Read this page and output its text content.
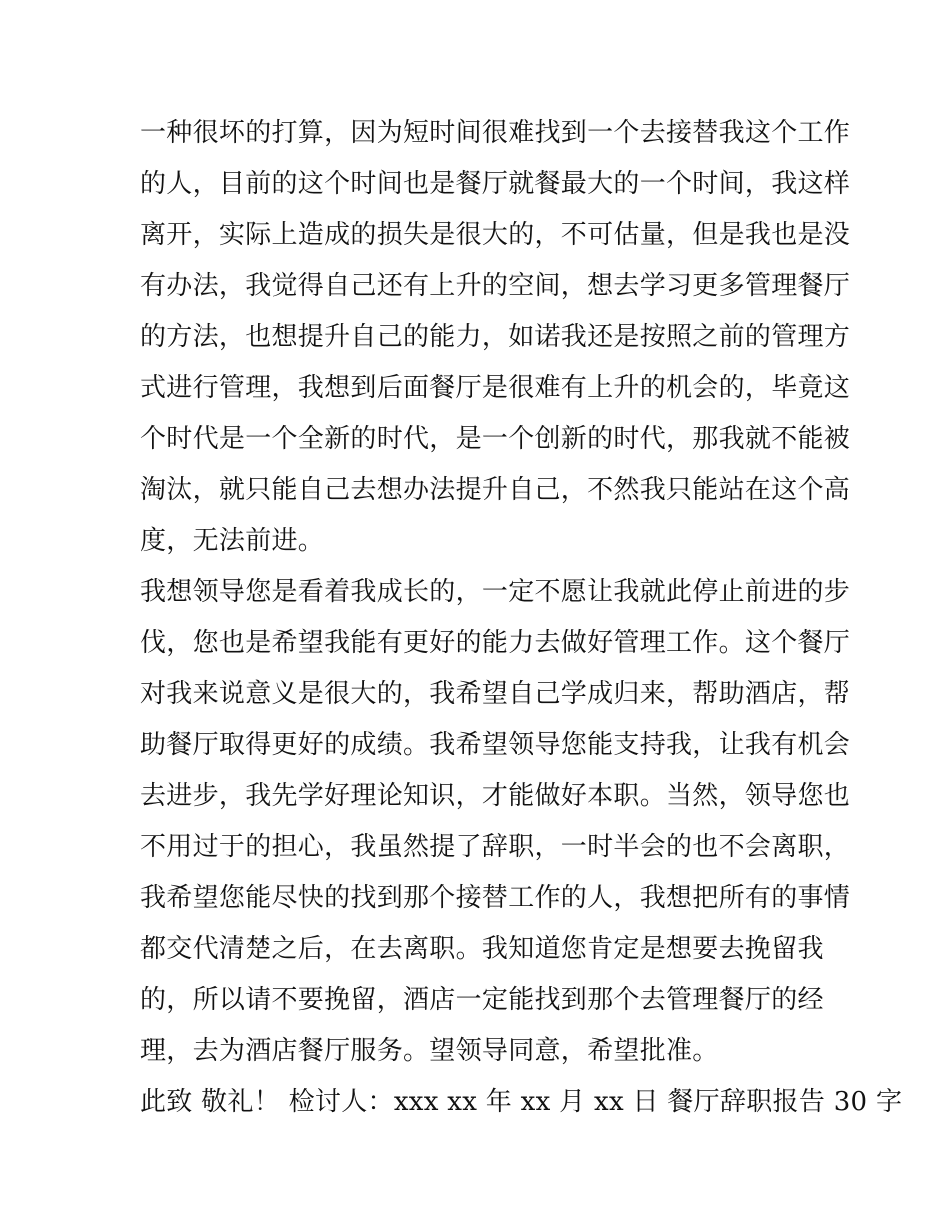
一种很坏的打算，因为短时间很难找到一个去接替我这个工作
的人，目前的这个时间也是餐厅就餐最大的一个时间，我这样
离开，实际上造成的损失是很大的，不可估量，但是我也是没
有办法，我觉得自己还有上升的空间，想去学习更多管理餐厅
的方法，也想提升自己的能力，如诺我还是按照之前的管理方
式进行管理，我想到后面餐厅是很难有上升的机会的，毕竟这
个时代是一个全新的时代，是一个创新的时代，那我就不能被
淘汰，就只能自己去想办法提升自己，不然我只能站在这个高
度，无法前进。
我想领导您是看着我成长的，一定不愿让我就此停止前进的步
伐，您也是希望我能有更好的能力去做好管理工作。这个餐厅
对我来说意义是很大的，我希望自己学成归来，帮助酒店，帮
助餐厅取得更好的成绩。我希望领导您能支持我，让我有机会
去进步，我先学好理论知识，才能做好本职。当然，领导您也
不用过于的担心，我虽然提了辞职，一时半会的也不会离职，
我希望您能尽快的找到那个接替工作的人，我想把所有的事情
都交代清楚之后，在去离职。我知道您肯定是想要去挽留我
的，所以请不要挽留，酒店一定能找到那个去管理餐厅的经
理，去为酒店餐厅服务。望领导同意，希望批准。
此致 敬礼！ 检讨人：xxx xx 年 xx 月 xx 日 餐厅辞职报告 30 字
